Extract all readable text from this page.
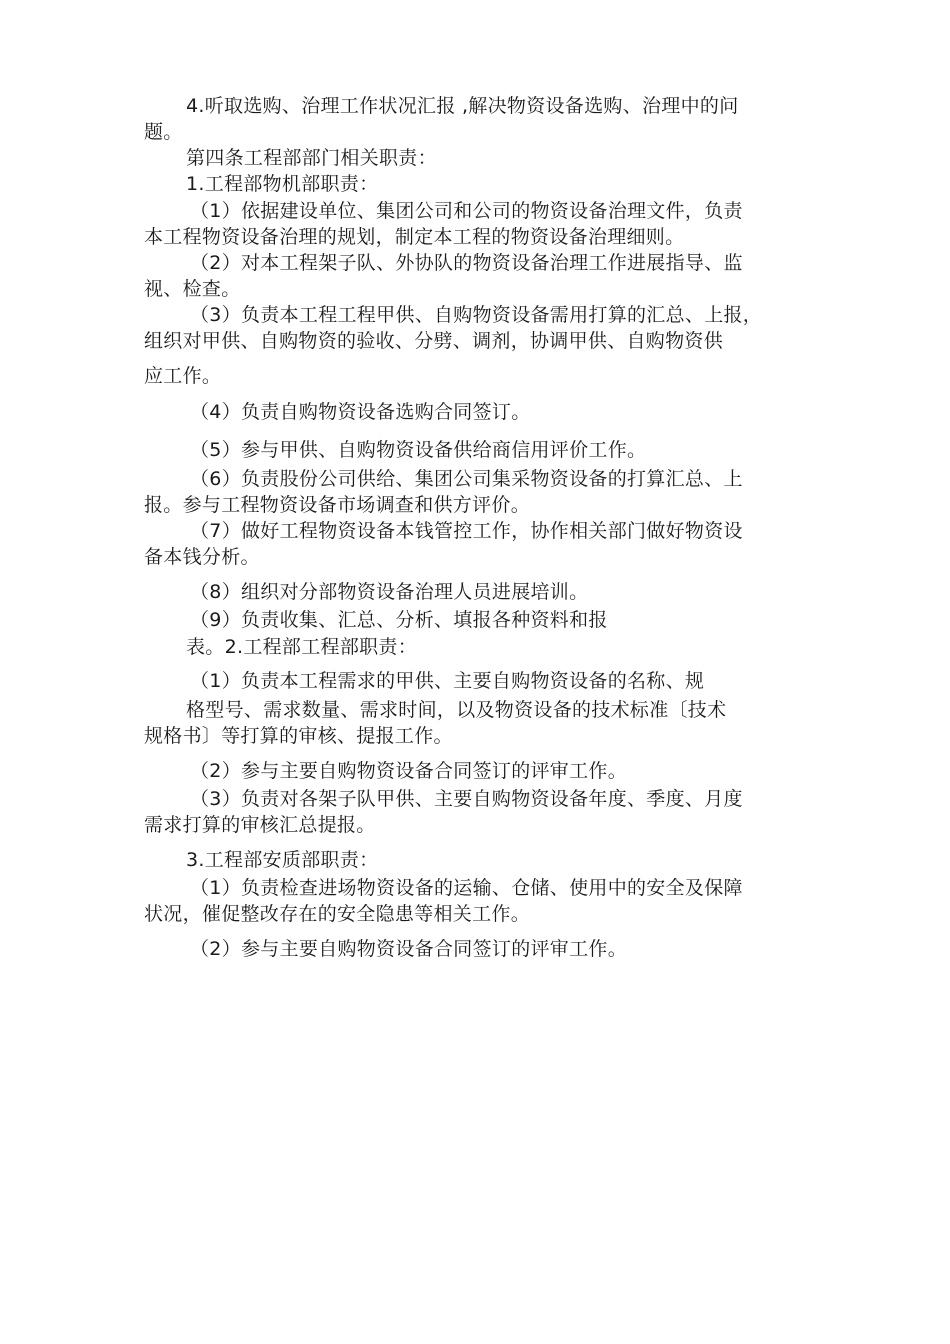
4.听取选购、治理工作状况汇报 ,解决物资设备选购、治理中的问

题。

第四条工程部部门相关职责：

1.工程部物机部职责：

（1）依据建设单位、集团公司和公司的物资设备治理文件，负责

本工程物资设备治理的规划，制定本工程的物资设备治理细则。

（2）对本工程架子队、外协队的物资设备治理工作进展指导、监

视、检查。

（3）负责本工程工程甲供、自购物资设备需用打算的汇总、上报，

组织对甲供、自购物资的验收、分劈、调剂，协调甲供、自购物资供

应工作。

（4）负责自购物资设备选购合同签订。

（5）参与甲供、自购物资设备供给商信用评价工作。

（6）负责股份公司供给、集团公司集采物资设备的打算汇总、上

报。参与工程物资设备市场调查和供方评价。

（7）做好工程物资设备本钱管控工作，协作相关部门做好物资设

备本钱分析。

（8）组织对分部物资设备治理人员进展培训。

（9）负责收集、汇总、分析、填报各种资料和报

表。2.工程部工程部职责：

（1）负责本工程需求的甲供、主要自购物资设备的名称、规

格型号、需求数量、需求时间，以及物资设备的技术标准〔技术

规格书〕等打算的审核、提报工作。

（2）参与主要自购物资设备合同签订的评审工作。

（3）负责对各架子队甲供、主要自购物资设备年度、季度、月度

需求打算的审核汇总提报。

3.工程部安质部职责：

（1）负责检查进场物资设备的运输、仓储、使用中的安全及保障

状况，催促整改存在的安全隐患等相关工作。

（2）参与主要自购物资设备合同签订的评审工作。
